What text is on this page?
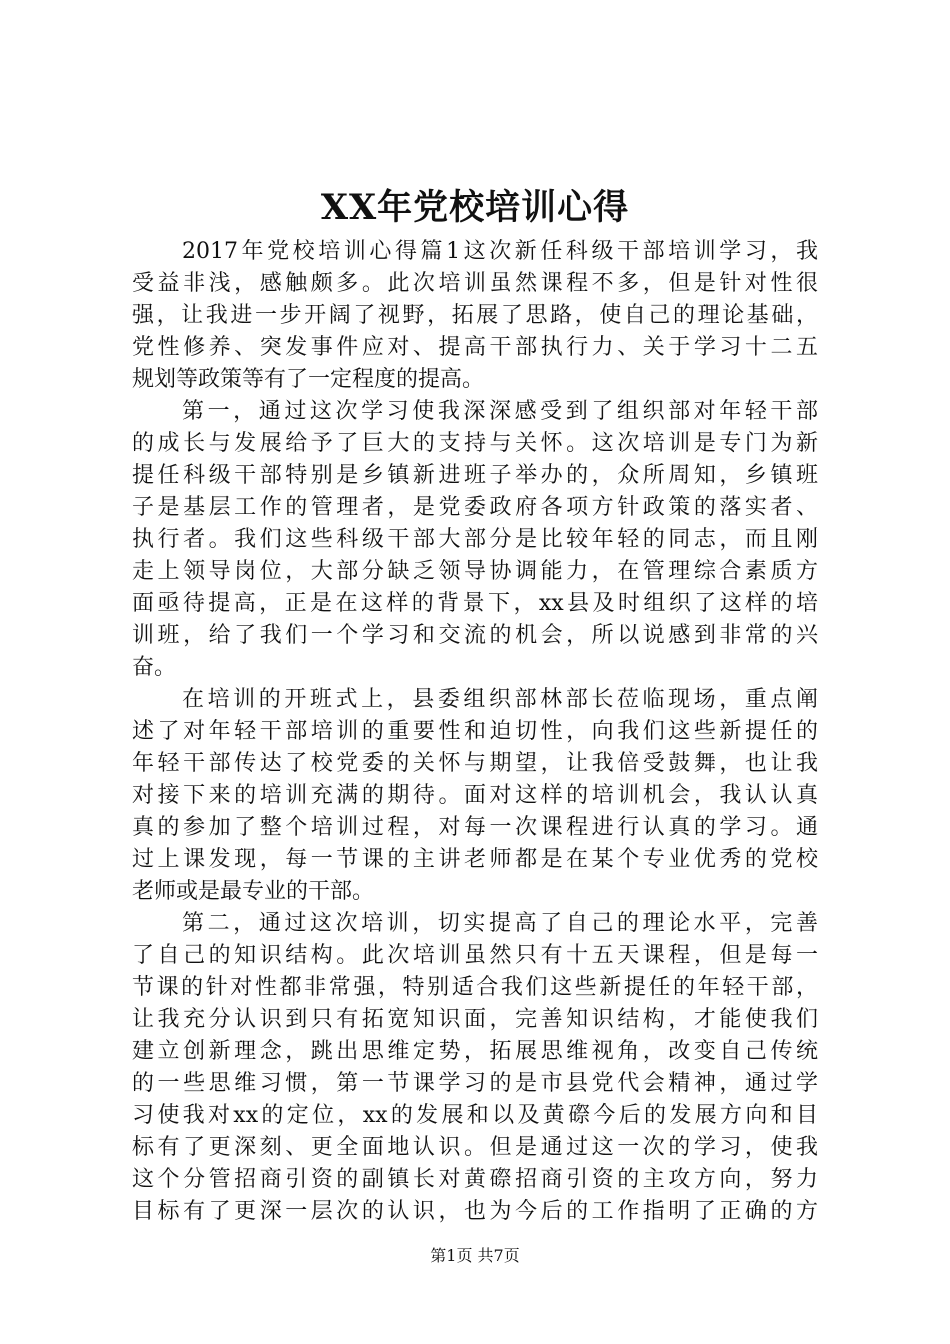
XX年党校培训心得
2017年党校培训心得篇1这次新任科级干部培训学习，我
受益非浅，感触颇多。此次培训虽然课程不多，但是针对性很
强，让我进一步开阔了视野，拓展了思路，使自己的理论基础，
党性修养、突发事件应对、提高干部执行力、关于学习十二五
规划等政策等有了一定程度的提高。
第一，通过这次学习使我深深感受到了组织部对年轻干部
的成长与发展给予了巨大的支持与关怀。这次培训是专门为新
提任科级干部特别是乡镇新进班子举办的，众所周知，乡镇班
子是基层工作的管理者，是党委政府各项方针政策的落实者、
执行者。我们这些科级干部大部分是比较年轻的同志，而且刚
走上领导岗位，大部分缺乏领导协调能力，在管理综合素质方
面亟待提高，正是在这样的背景下，xx县及时组织了这样的培
训班，给了我们一个学习和交流的机会，所以说感到非常的兴
奋。
在培训的开班式上，县委组织部林部长莅临现场，重点阐
述了对年轻干部培训的重要性和迫切性，向我们这些新提任的
年轻干部传达了校党委的关怀与期望，让我倍受鼓舞，也让我
对接下来的培训充满的期待。面对这样的培训机会，我认认真
真的参加了整个培训过程，对每一次课程进行认真的学习。通
过上课发现，每一节课的主讲老师都是在某个专业优秀的党校
老师或是最专业的干部。
第二，通过这次培训，切实提高了自己的理论水平，完善
了自己的知识结构。此次培训虽然只有十五天课程，但是每一
节课的针对性都非常强，特别适合我们这些新提任的年轻干部，
让我充分认识到只有拓宽知识面，完善知识结构，才能使我们
建立创新理念，跳出思维定势，拓展思维视角，改变自己传统
的一些思维习惯，第一节课学习的是市县党代会精神，通过学
习使我对xx的定位，xx的发展和以及黄磜今后的发展方向和目
标有了更深刻、更全面地认识。但是通过这一次的学习，使我
这个分管招商引资的副镇长对黄磜招商引资的主攻方向，努力
目标有了更深一层次的认识，也为今后的工作指明了正确的方
第1页 共7页
